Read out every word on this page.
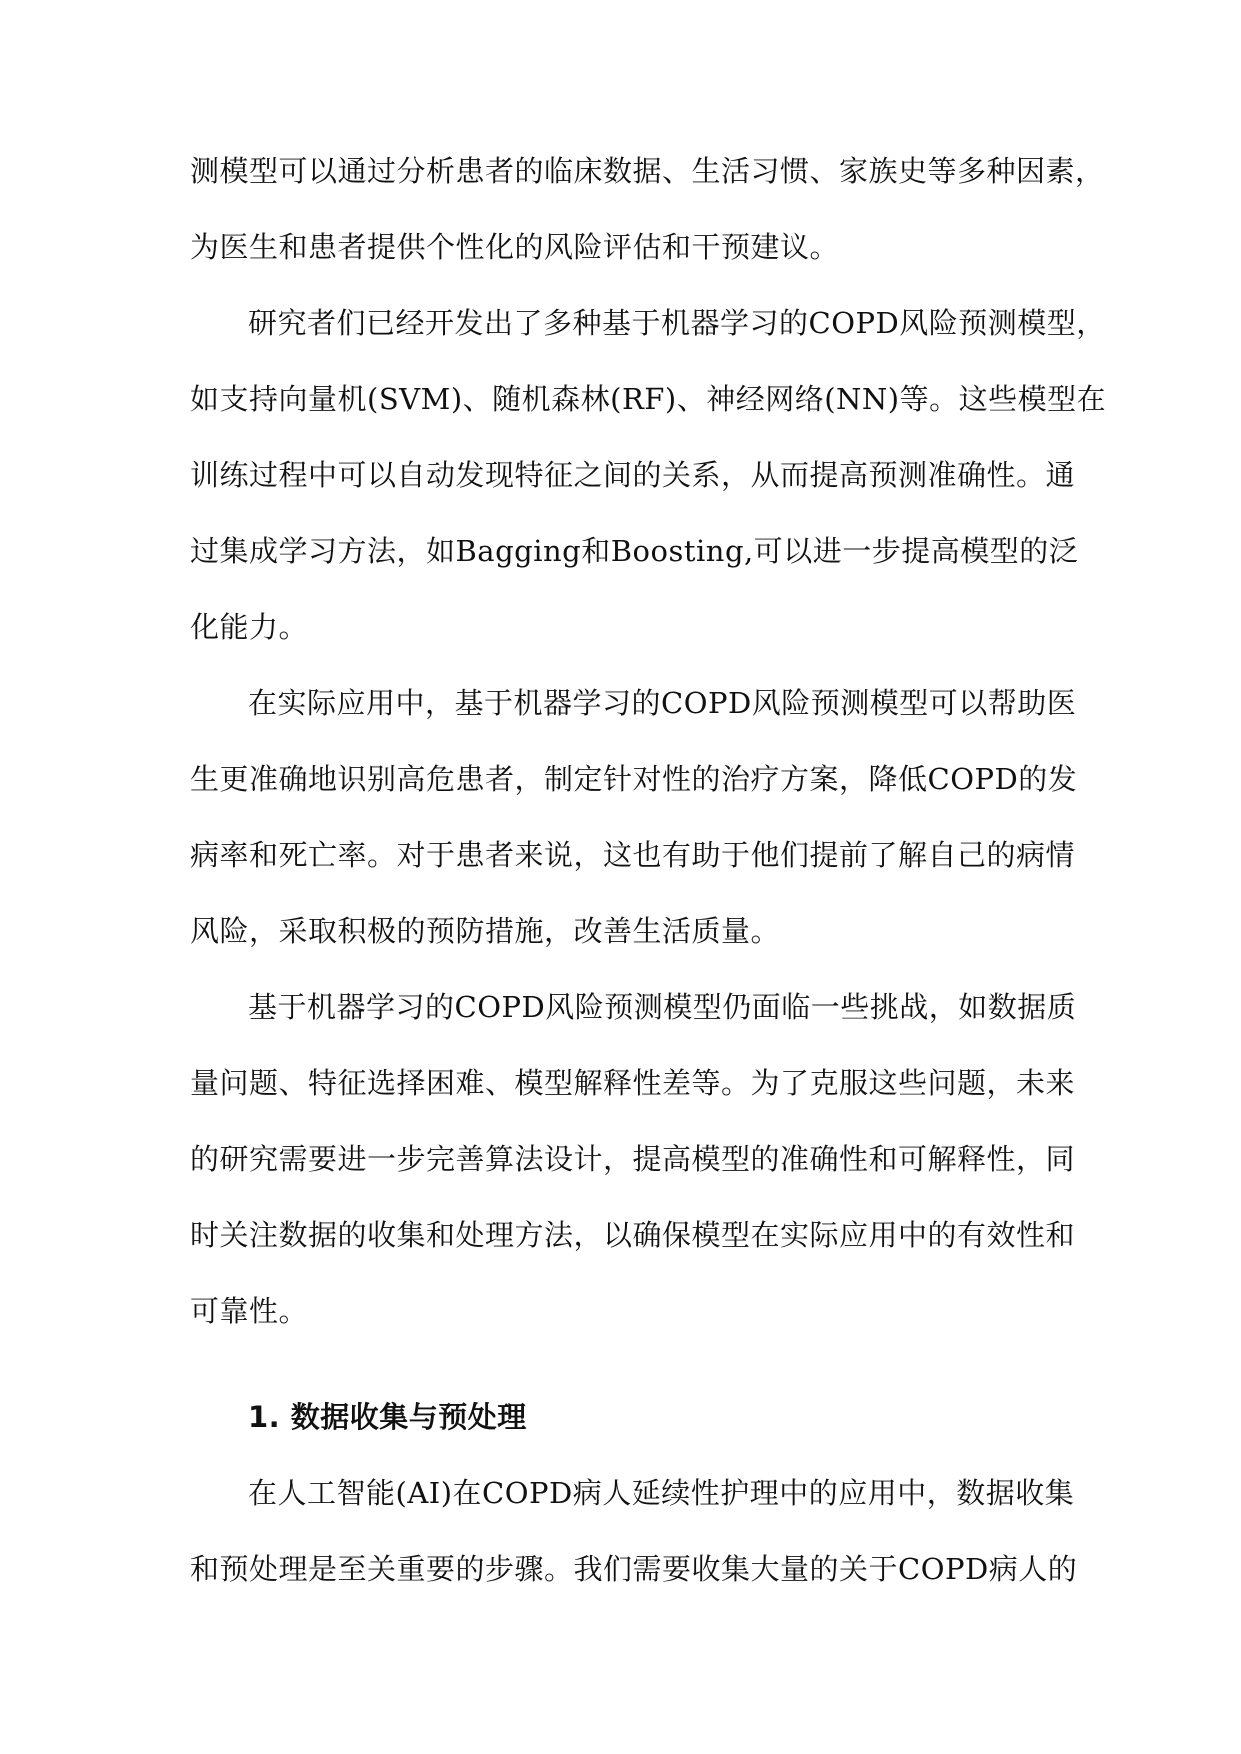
测模型可以通过分析患者的临床数据、生活习惯、家族史等多种因素，
为医生和患者提供个性化的风险评估和干预建议。
研究者们已经开发出了多种基于机器学习的COPD风险预测模型，
如支持向量机(SVM)、随机森林(RF)、神经网络(NN)等。这些模型在
训练过程中可以自动发现特征之间的关系，从而提高预测准确性。通
过集成学习方法，如Bagging和Boosting,可以进一步提高模型的泛
化能力。
在实际应用中，基于机器学习的COPD风险预测模型可以帮助医
生更准确地识别高危患者，制定针对性的治疗方案，降低COPD的发
病率和死亡率。对于患者来说，这也有助于他们提前了解自己的病情
风险，采取积极的预防措施，改善生活质量。
基于机器学习的COPD风险预测模型仍面临一些挑战，如数据质
量问题、特征选择困难、模型解释性差等。为了克服这些问题，未来
的研究需要进一步完善算法设计，提高模型的准确性和可解释性，同
时关注数据的收集和处理方法，以确保模型在实际应用中的有效性和
可靠性。
1. 数据收集与预处理
在人工智能(AI)在COPD病人延续性护理中的应用中，数据收集
和预处理是至关重要的步骤。我们需要收集大量的关于COPD病人的
